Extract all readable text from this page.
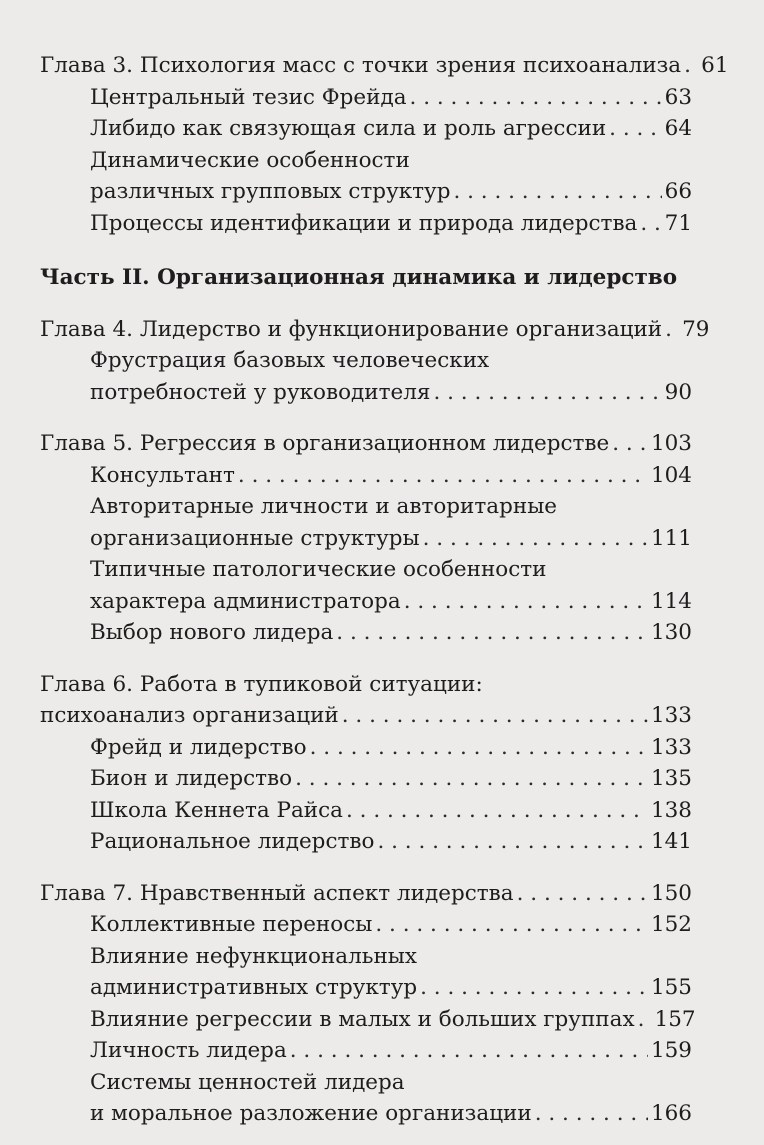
Глава 3. Психология масс с точки зрения психоанализа . . . 61
Центральный тезис Фрейда . . .	63
Либидо как связующая сила и роль агрессии . . .	64
Динамические особенности
различных групповых структур . . .	66
Процессы идентификации и природа лидерства . . . 71
Часть II. Организационная динамика и лидерство
Глава 4. Лидерство и функционирование организаций . . . 79
Фрустрация базовых человеческих
потребностей у руководителя . . .	90
Глава 5. Регрессия в организационном лидерстве . . . 103
Консультант . . .	104
Авторитарные личности и авторитарные
организационные структуры . . .	111
Типичные патологические особенности
характера администратора . . .	114
Выбор нового лидера . . .	130
Глава 6. Работа в тупиковой ситуации:
психоанализ организаций . . .	133
Фрейд и лидерство . . .	133
Бион и лидерство . . .	135
Школа Кеннета Райса . . .	138
Рациональное лидерство . . .	141
Глава 7. Нравственный аспект лидерства . . .	150
Коллективные переносы . . .	152
Влияние нефункциональных
административных структур . . .	155
Влияние регрессии в малых и больших группах . . . 157
Личность лидера . . .	159
Системы ценностей лидера
и моральное разложение организации . . .	166
